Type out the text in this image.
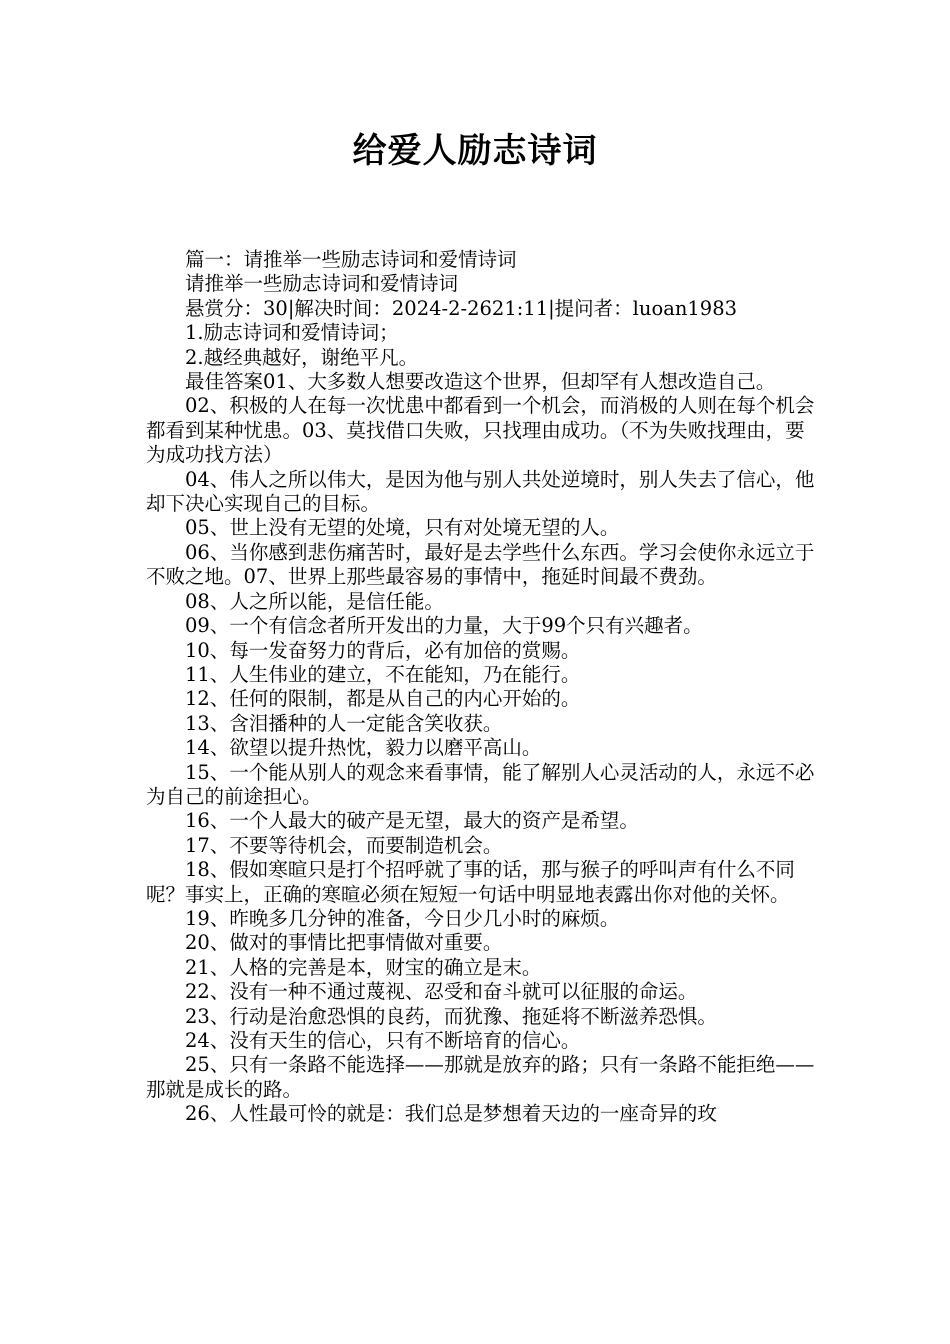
给爱人励志诗词

篇一：请推举一些励志诗词和爱情诗词

请推举一些励志诗词和爱情诗词

悬赏分：30|解决时间：2024-2-2621:11|提问者：luoan1983

1.励志诗词和爱情诗词；

2.越经典越好，谢绝平凡。

最佳答案01、大多数人想要改造这个世界，但却罕有人想改造自己。

02、积极的人在每一次忧患中都看到一个机会，而消极的人则在每个机会都看到某种忧患。03、莫找借口失败，只找理由成功。（不为失败找理由，要为成功找方法）

04、伟人之所以伟大，是因为他与别人共处逆境时，别人失去了信心，他却下决心实现自己的目标。

05、世上没有无望的处境，只有对处境无望的人。

06、当你感到悲伤痛苦时，最好是去学些什么东西。学习会使你永远立于不败之地。07、世界上那些最容易的事情中，拖延时间最不费劲。

08、人之所以能，是信任能。

09、一个有信念者所开发出的力量，大于99个只有兴趣者。

10、每一发奋努力的背后，必有加倍的赏赐。

11、人生伟业的建立，不在能知，乃在能行。

12、任何的限制，都是从自己的内心开始的。

13、含泪播种的人一定能含笑收获。

14、欲望以提升热忱，毅力以磨平高山。

15、一个能从别人的观念来看事情，能了解别人心灵活动的人，永远不必为自己的前途担心。

16、一个人最大的破产是无望，最大的资产是希望。

17、不要等待机会，而要制造机会。

18、假如寒暄只是打个招呼就了事的话，那与猴子的呼叫声有什么不同呢？事实上，正确的寒暄必须在短短一句话中明显地表露出你对他的关怀。

19、昨晚多几分钟的准备，今日少几小时的麻烦。

20、做对的事情比把事情做对重要。

21、人格的完善是本，财宝的确立是末。

22、没有一种不通过蔑视、忍受和奋斗就可以征服的命运。

23、行动是治愈恐惧的良药，而犹豫、拖延将不断滋养恐惧。

24、没有天生的信心，只有不断培育的信心。

25、只有一条路不能选择——那就是放弃的路；只有一条路不能拒绝——那就是成长的路。

26、人性最可怜的就是：我们总是梦想着天边的一座奇异的玫
